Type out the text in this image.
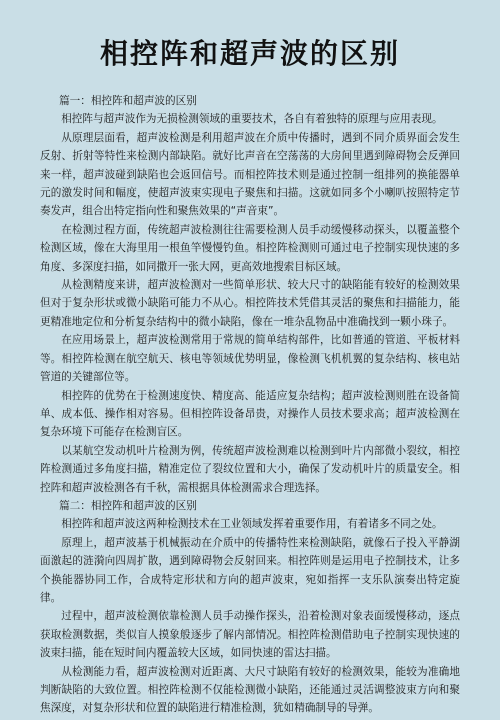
相控阵和超声波的区别

篇一：相控阵和超声波的区别

相控阵与超声波作为无损检测领域的重要技术，各自有着独特的原理与应用表现。

从原理层面看，超声波检测是利用超声波在介质中传播时，遇到不同介质界面会发生反射、折射等特性来检测内部缺陷。就好比声音在空荡荡的大房间里遇到障碍物会反弹回来一样，超声波碰到缺陷也会返回信号。而相控阵技术则是通过控制一组排列的换能器单元的激发时间和幅度，使超声波束实现电子聚焦和扫描。这就如同多个小喇叭按照特定节奏发声，组合出特定指向性和聚焦效果的“声音束”。

在检测过程方面，传统超声波检测往往需要检测人员手动缓慢移动探头，以覆盖整个检测区域，像在大海里用一根鱼竿慢慢钓鱼。相控阵检测则可通过电子控制实现快速的多角度、多深度扫描，如同撒开一张大网，更高效地搜索目标区域。

从检测精度来讲，超声波检测对一些简单形状、较大尺寸的缺陷能有较好的检测效果但对于复杂形状或微小缺陷可能力不从心。相控阵技术凭借其灵活的聚焦和扫描能力，能更精准地定位和分析复杂结构中的微小缺陷，像在一堆杂乱物品中准确找到一颗小珠子。

在应用场景上，超声波检测常用于常规的简单结构部件，比如普通的管道、平板材料等。相控阵检测在航空航天、核电等领域优势明显，像检测飞机机翼的复杂结构、核电站管道的关键部位等。

相控阵的优势在于检测速度快、精度高、能适应复杂结构；超声波检测则胜在设备简单、成本低、操作相对容易。但相控阵设备昂贵，对操作人员技术要求高；超声波检测在复杂环境下可能存在检测盲区。

以某航空发动机叶片检测为例，传统超声波检测难以检测到叶片内部微小裂纹，相控阵检测通过多角度扫描，精准定位了裂纹位置和大小，确保了发动机叶片的质量安全。相控阵和超声波检测各有千秋，需根据具体检测需求合理选择。

篇二：相控阵和超声波的区别

相控阵和超声波这两种检测技术在工业领域发挥着重要作用，有着诸多不同之处。

原理上，超声波基于机械振动在介质中的传播特性来检测缺陷，就像石子投入平静湖面激起的涟漪向四周扩散，遇到障碍物会反射回来。相控阵则是运用电子控制技术，让多个换能器协同工作，合成特定形状和方向的超声波束，宛如指挥一支乐队演奏出特定旋律。

过程中，超声波检测依靠检测人员手动操作探头，沿着检测对象表面缓慢移动，逐点获取检测数据，类似盲人摸象般逐步了解内部情况。相控阵检测借助电子控制实现快速的波束扫描，能在短时间内覆盖较大区域，如同快速的雷达扫描。

从检测能力看，超声波检测对近距离、大尺寸缺陷有较好的检测效果，能较为准确地判断缺陷的大致位置。相控阵检测不仅能检测微小缺陷，还能通过灵活调整波束方向和聚焦深度，对复杂形状和位置的缺陷进行精准检测，犹如精确制导的导弹。
